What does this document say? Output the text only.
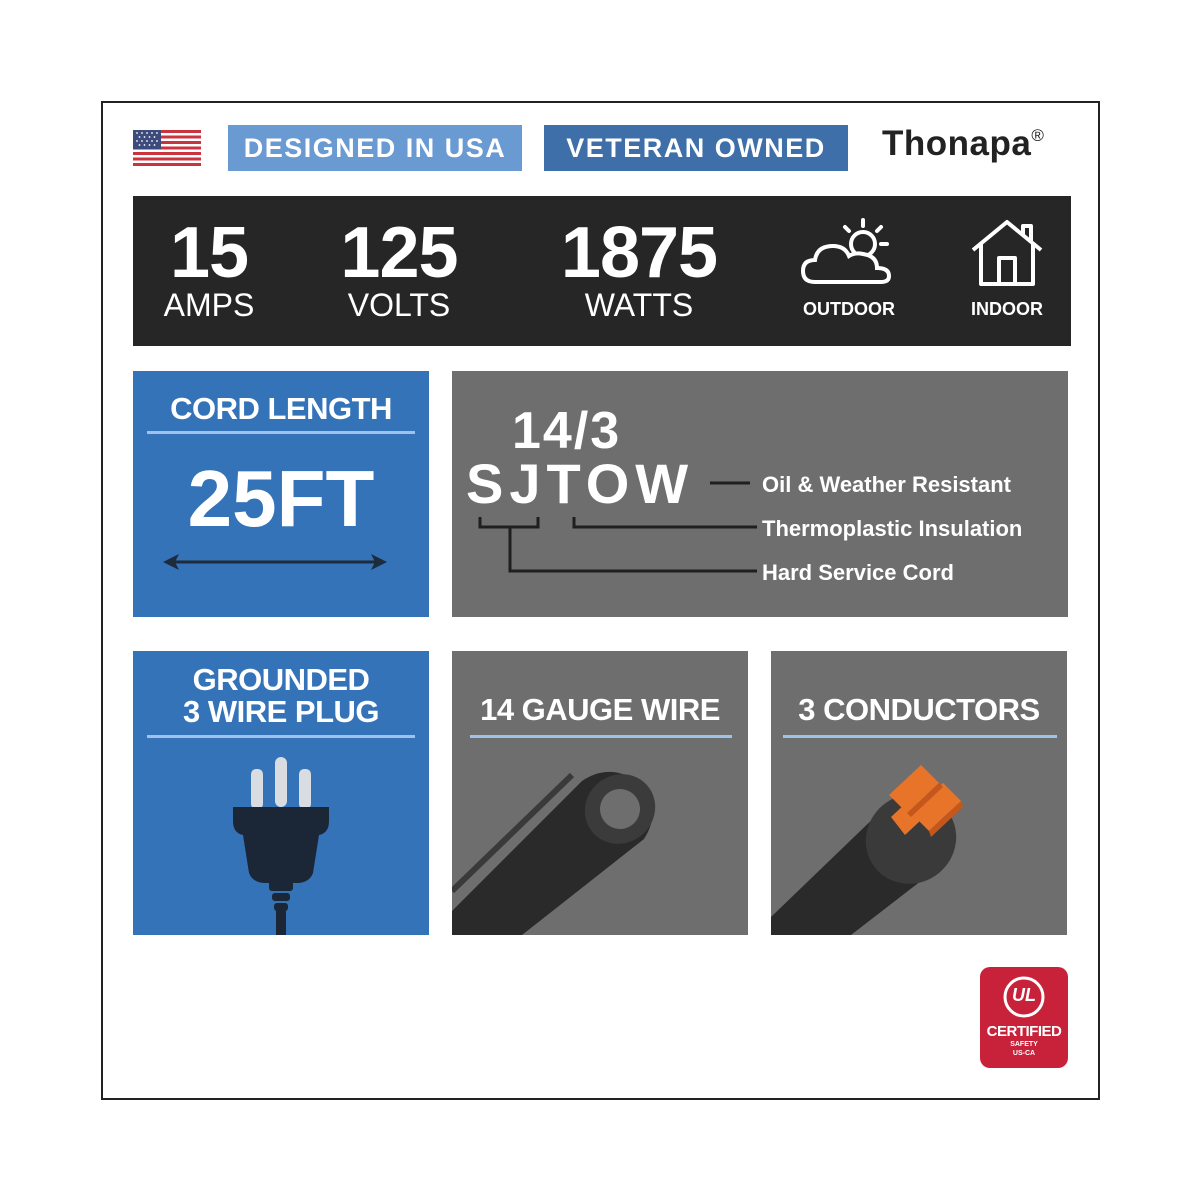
DESIGNED IN USA	VETERAN OWNED	Thonapa®
15
AMPS
125
VOLTS
1875
WATTS	OUTDOOR	INDOOR
CORD LENGTH
25FT
14/3
SJTOW	Oil & Weather Resistant
Thermoplastic Insulation
Hard Service Cord
GROUNDED
3 WIRE PLUG	14 GAUGE WIRE	3 CONDUCTORS
UL
CERTIFIED
SAFETY
US-CA
